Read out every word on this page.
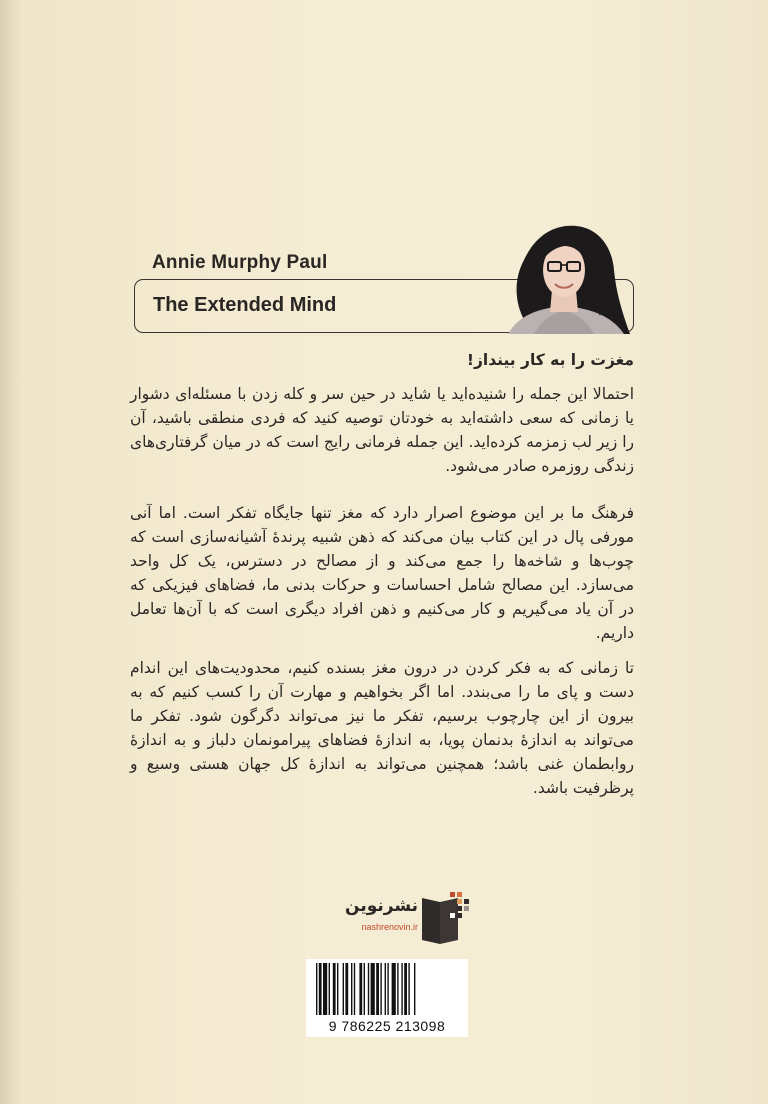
Annie Murphy Paul
The Extended Mind
مغزت را به کار بینداز!
احتمالا این جمله را شنیده‌اید یا شاید در حین سر و کله زدن با مسئله‌ای دشوار یا زمانی که سعی داشته‌اید به خودتان توصیه کنید که فردی منطقی باشید، آن را زیر لب زمزمه کرده‌اید. این جمله فرمانی رایج است که در میان گرفتاری‌های زندگی روزمره صادر می‌شود.
فرهنگ ما بر این موضوع اصرار دارد که مغز تنها جایگاه تفکر است. اما آنی مورفی پال در این کتاب بیان می‌کند که ذهن شبیه پرندهٔ آشیانه‌سازی است که چوب‌ها و شاخه‌ها را جمع می‌کند و از مصالح در دسترس، یک کل واحد می‌سازد. این مصالح شامل احساسات و حرکات بدنی ما، فضاهای فیزیکی که در آن یاد می‌گیریم و کار می‌کنیم و ذهن افراد دیگری است که با آن‌ها تعامل داریم.
تا زمانی که به فکر کردن در درون مغز بسنده کنیم، محدودیت‌های این اندام دست و پای ما را می‌بندد. اما اگر بخواهیم و مهارت آن را کسب کنیم که به بیرون از این چارچوب برسیم، تفکر ما نیز می‌تواند دگرگون شود. تفکر ما می‌تواند به اندازهٔ بدنمان پویا، به اندازهٔ فضاهای پیرامونمان دلباز و به اندازهٔ روابطمان غنی باشد؛ همچنین می‌تواند به اندازهٔ کل جهان هستی وسیع و پرظرفیت باشد.
نشرنوین
nashrenovin.ir
9 786225 213098
